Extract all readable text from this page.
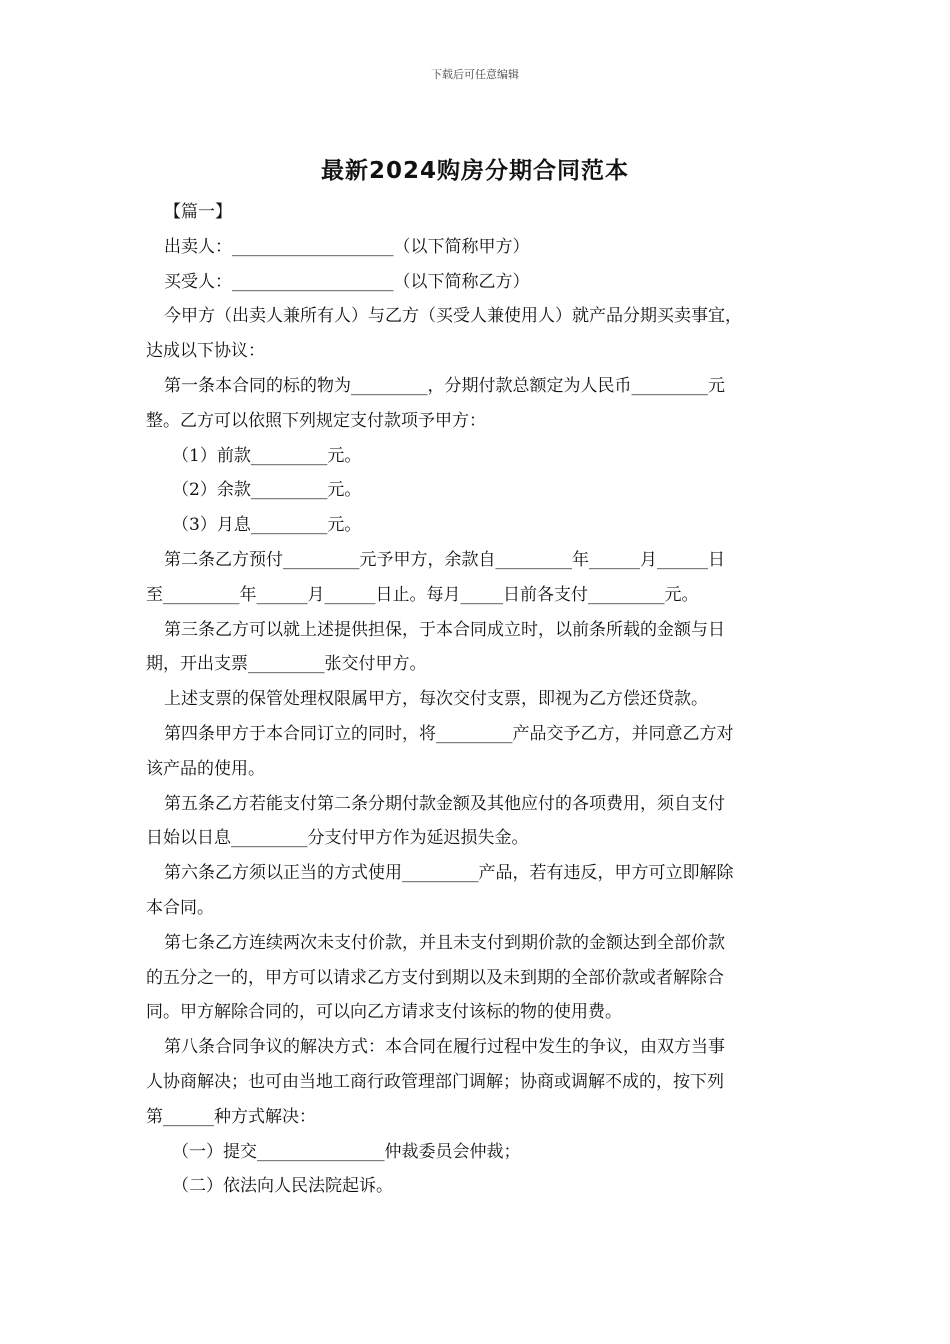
下载后可任意编辑
最新2024购房分期合同范本

【篇一】

出卖人：___________________（以下简称甲方）

买受人：___________________（以下简称乙方）

今甲方（出卖人兼所有人）与乙方（买受人兼使用人）就产品分期买卖事宜，

达成以下协议：

第一条本合同的标的物为_________，分期付款总额定为人民币_________元

整。乙方可以依照下列规定支付款项予甲方：

（1）前款_________元。

（2）余款_________元。

（3）月息_________元。

第二条乙方预付_________元予甲方，余款自_________年______月______日

至_________年______月______日止。每月_____日前各支付_________元。

第三条乙方可以就上述提供担保，于本合同成立时，以前条所载的金额与日

期，开出支票_________张交付甲方。

上述支票的保管处理权限属甲方，每次交付支票，即视为乙方偿还贷款。

第四条甲方于本合同订立的同时，将_________产品交予乙方，并同意乙方对

该产品的使用。

第五条乙方若能支付第二条分期付款金额及其他应付的各项费用，须自支付

日始以日息_________分支付甲方作为延迟损失金。

第六条乙方须以正当的方式使用_________产品，若有违反，甲方可立即解除

本合同。

第七条乙方连续两次未支付价款，并且未支付到期价款的金额达到全部价款

的五分之一的，甲方可以请求乙方支付到期以及未到期的全部价款或者解除合

同。甲方解除合同的，可以向乙方请求支付该标的物的使用费。

第八条合同争议的解决方式：本合同在履行过程中发生的争议，由双方当事

人协商解决；也可由当地工商行政管理部门调解；协商或调解不成的，按下列

第______种方式解决：

（一）提交_______________仲裁委员会仲裁；

（二）依法向人民法院起诉。
